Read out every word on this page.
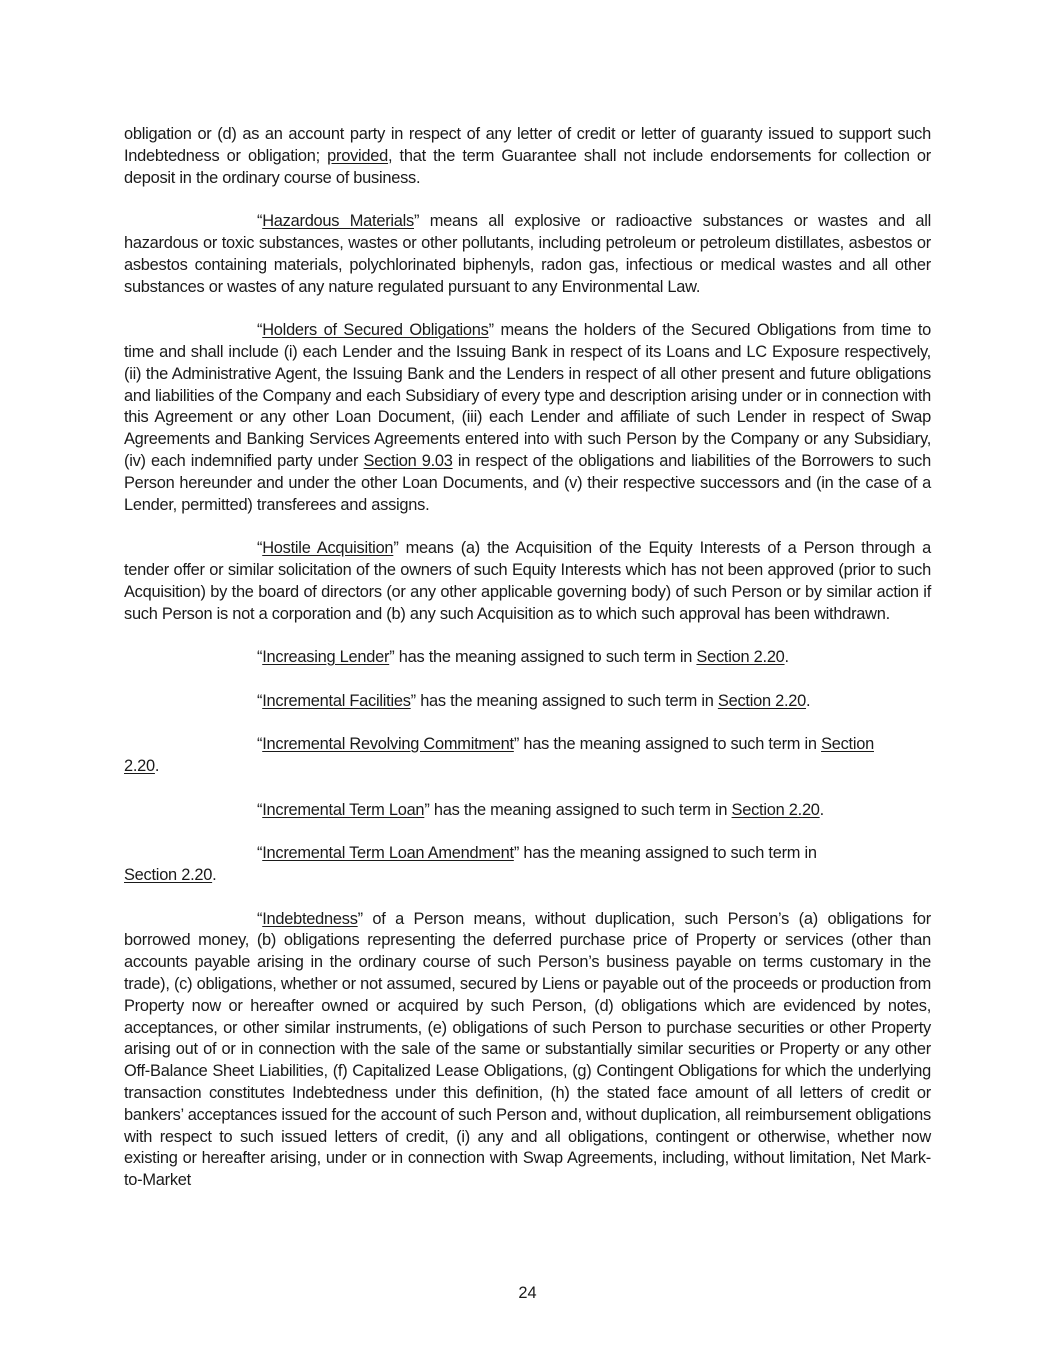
obligation or (d) as an account party in respect of any letter of credit or letter of guaranty issued to support such Indebtedness or obligation; provided, that the term Guarantee shall not include endorsements for collection or deposit in the ordinary course of business.

“Hazardous Materials” means all explosive or radioactive substances or wastes and all hazardous or toxic substances, wastes or other pollutants, including petroleum or petroleum distillates, asbestos or asbestos containing materials, polychlorinated biphenyls, radon gas, infectious or medical wastes and all other substances or wastes of any nature regulated pursuant to any Environmental Law.

“Holders of Secured Obligations” means the holders of the Secured Obligations from time to time and shall include (i) each Lender and the Issuing Bank in respect of its Loans and LC Exposure respectively, (ii) the Administrative Agent, the Issuing Bank and the Lenders in respect of all other present and future obligations and liabilities of the Company and each Subsidiary of every type and description arising under or in connection with this Agreement or any other Loan Document, (iii) each Lender and affiliate of such Lender in respect of Swap Agreements and Banking Services Agreements entered into with such Person by the Company or any Subsidiary, (iv) each indemnified party under Section 9.03 in respect of the obligations and liabilities of the Borrowers to such Person hereunder and under the other Loan Documents, and (v) their respective successors and (in the case of a Lender, permitted) transferees and assigns.

“Hostile Acquisition” means (a) the Acquisition of the Equity Interests of a Person through a tender offer or similar solicitation of the owners of such Equity Interests which has not been approved (prior to such Acquisition) by the board of directors (or any other applicable governing body) of such Person or by similar action if such Person is not a corporation and (b) any such Acquisition as to which such approval has been withdrawn.

“Increasing Lender” has the meaning assigned to such term in Section 2.20.

“Incremental Facilities” has the meaning assigned to such term in Section 2.20.

“Incremental Revolving Commitment” has the meaning assigned to such term in Section
2.20.

“Incremental Term Loan” has the meaning assigned to such term in Section 2.20.

“Incremental Term Loan Amendment” has the meaning assigned to such term in
Section 2.20.

“Indebtedness” of a Person means, without duplication, such Person’s (a) obligations for borrowed money, (b) obligations representing the deferred purchase price of Property or services (other than accounts payable arising in the ordinary course of such Person’s business payable on terms customary in the trade), (c) obligations, whether or not assumed, secured by Liens or payable out of the proceeds or production from Property now or hereafter owned or acquired by such Person, (d) obligations which are evidenced by notes, acceptances, or other similar instruments, (e) obligations of such Person to purchase securities or other Property arising out of or in connection with the sale of the same or substantially similar securities or Property or any other Off-Balance Sheet Liabilities, (f) Capitalized Lease Obligations, (g) Contingent Obligations for which the underlying transaction constitutes Indebtedness under this definition, (h) the stated face amount of all letters of credit or bankers’ acceptances issued for the account of such Person and, without duplication, all reimbursement obligations with respect to such issued letters of credit, (i) any and all obligations, contingent or otherwise, whether now existing or hereafter arising, under or in connection with Swap Agreements, including, without limitation, Net Mark-to-Market

24
